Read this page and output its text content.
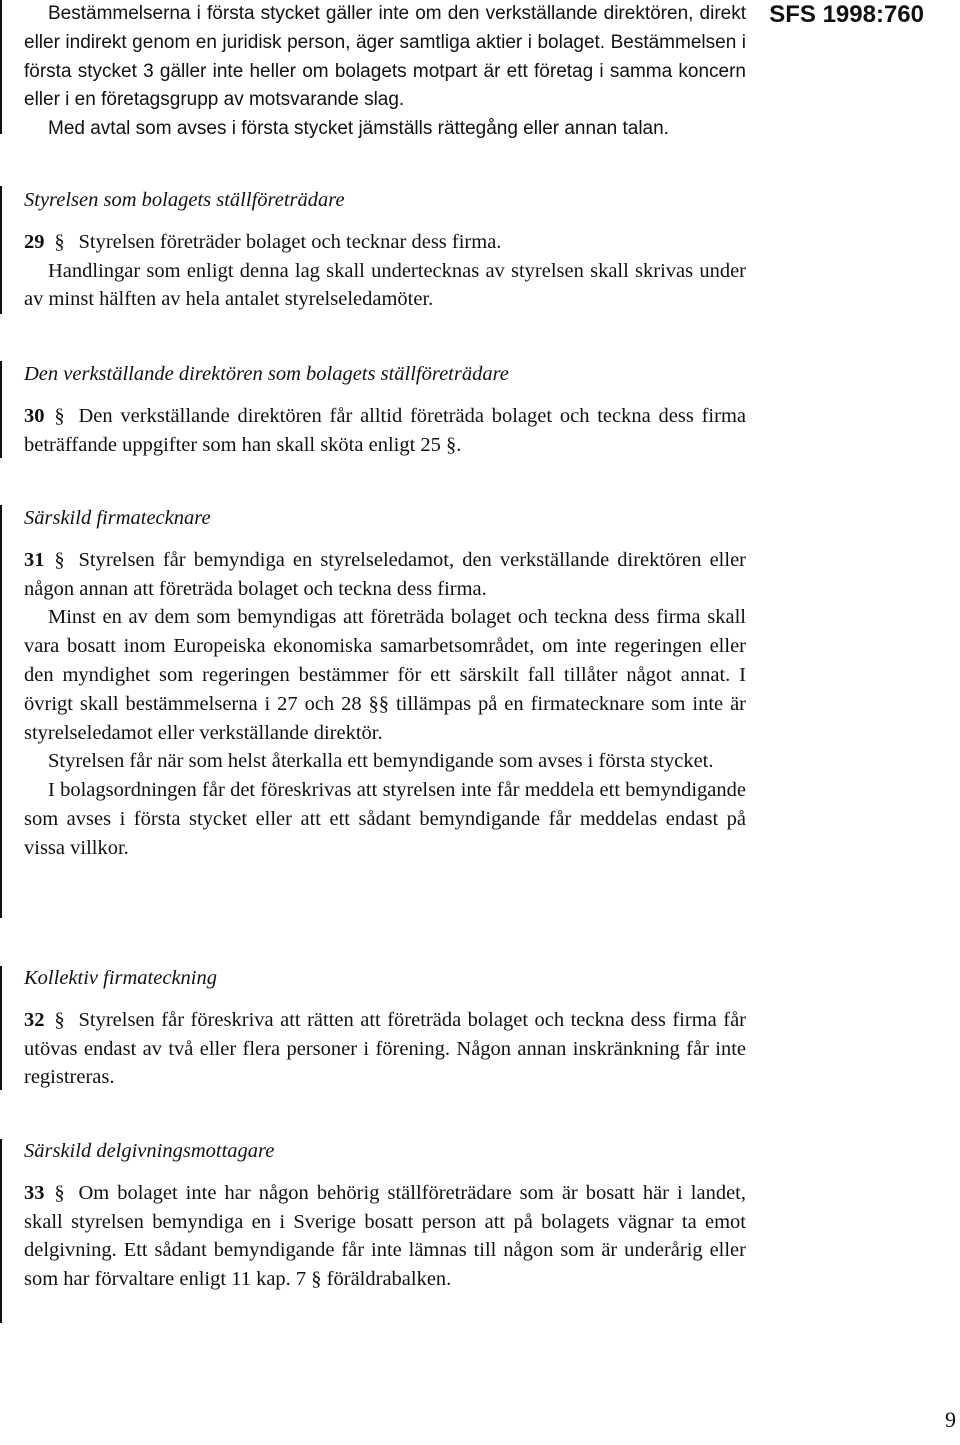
SFS 1998:760

Bestämmelserna i första stycket gäller inte om den verkställande direktören, direkt eller indirekt genom en juridisk person, äger samtliga aktier i bolaget. Bestämmelsen i första stycket 3 gäller inte heller om bolagets motpart är ett företag i samma koncern eller i en företagsgrupp av motsvarande slag.

Med avtal som avses i första stycket jämställs rättegång eller annan talan.

Styrelsen som bolagets ställföreträdare

29 § Styrelsen företräder bolaget och tecknar dess firma.

Handlingar som enligt denna lag skall undertecknas av styrelsen skall skrivas under av minst hälften av hela antalet styrelseledamöter.

Den verkställande direktören som bolagets ställföreträdare

30 § Den verkställande direktören får alltid företräda bolaget och teckna dess firma beträffande uppgifter som han skall sköta enligt 25 §.

Särskild firmatecknare

31 § Styrelsen får bemyndiga en styrelseledamot, den verkställande direktören eller någon annan att företräda bolaget och teckna dess firma.

Minst en av dem som bemyndigas att företräda bolaget och teckna dess firma skall vara bosatt inom Europeiska ekonomiska samarbetsområdet, om inte regeringen eller den myndighet som regeringen bestämmer för ett särskilt fall tillåter något annat. I övrigt skall bestämmelserna i 27 och 28 §§ tillämpas på en firmatecknare som inte är styrelseledamot eller verkställande direktör.

Styrelsen får när som helst återkalla ett bemyndigande som avses i första stycket.

I bolagsordningen får det föreskrivas att styrelsen inte får meddela ett bemyndigande som avses i första stycket eller att ett sådant bemyndigande får meddelas endast på vissa villkor.

Kollektiv firmateckning

32 § Styrelsen får föreskriva att rätten att företräda bolaget och teckna dess firma får utövas endast av två eller flera personer i förening. Någon annan inskränkning får inte registreras.

Särskild delgivningsmottagare

33 § Om bolaget inte har någon behörig ställföreträdare som är bosatt här i landet, skall styrelsen bemyndiga en i Sverige bosatt person att på bolagets vägnar ta emot delgivning. Ett sådant bemyndigande får inte lämnas till någon som är underårig eller som har förvaltare enligt 11 kap. 7 § föräldrabalken.

9
